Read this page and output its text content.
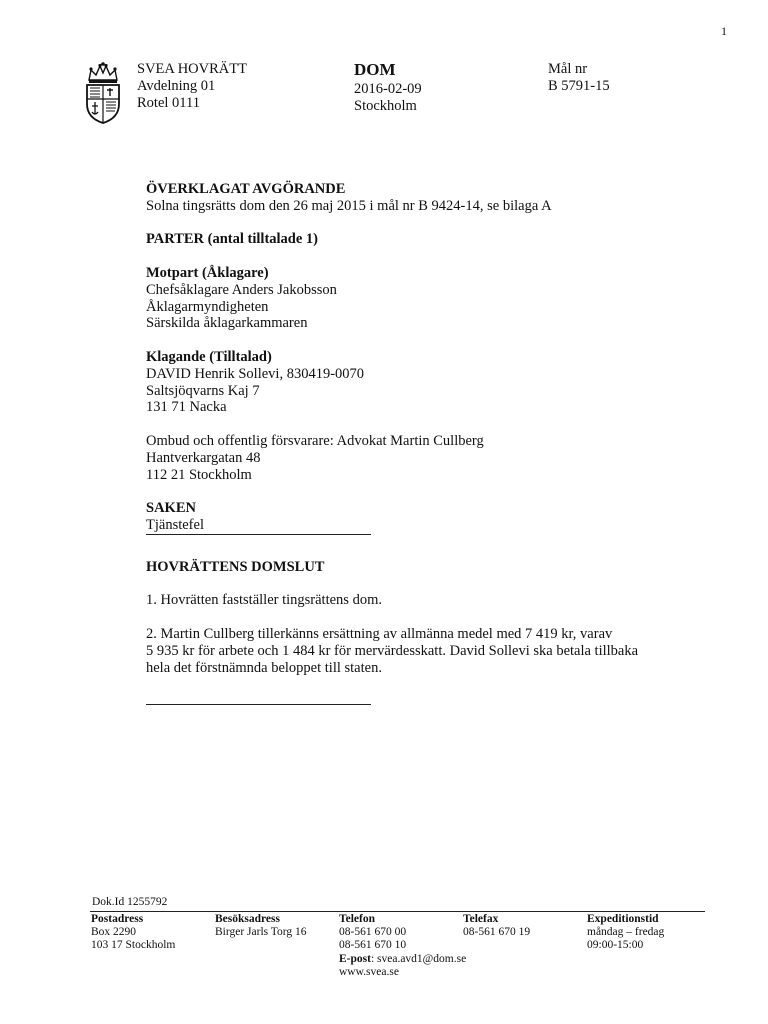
1
SVEA HOVRÄTT
Avdelning 01
Rotel 0111
DOM
2016-02-09
Stockholm
Mål nr
B 5791-15

ÖVERKLAGAT AVGÖRANDE

Solna tingsrätts dom den 26 maj 2015 i mål nr B 9424-14, se bilaga A

PARTER (antal tilltalade 1)

Motpart (Åklagare)

Chefsåklagare Anders Jakobsson

Åklagarmyndigheten

Särskilda åklagarkammaren

Klagande (Tilltalad)

DAVID Henrik Sollevi, 830419-0070

Saltsjöqvarns Kaj 7

131 71 Nacka

Ombud och offentlig försvarare: Advokat Martin Cullberg

Hantverkargatan 48

112 21 Stockholm

SAKEN

Tjänstefel

HOVRÄTTENS DOMSLUT

1. Hovrätten fastställer tingsrättens dom.

2. Martin Cullberg tillerkänns ersättning av allmänna medel med 7 419 kr, varav

5 935 kr för arbete och 1 484 kr för mervärdesskatt. David Sollevi ska betala tillbaka

hela det förstnämnda beloppet till staten.

Dok.Id 1255792
Postadress
Box 2290
103 17 Stockholm
Besöksadress
Birger Jarls Torg 16
Telefon
08-561 670 00
08-561 670 10
E-post: svea.avd1@dom.se
www.svea.se
Telefax
08-561 670 19
Expeditionstid
måndag – fredag
09:00-15:00
